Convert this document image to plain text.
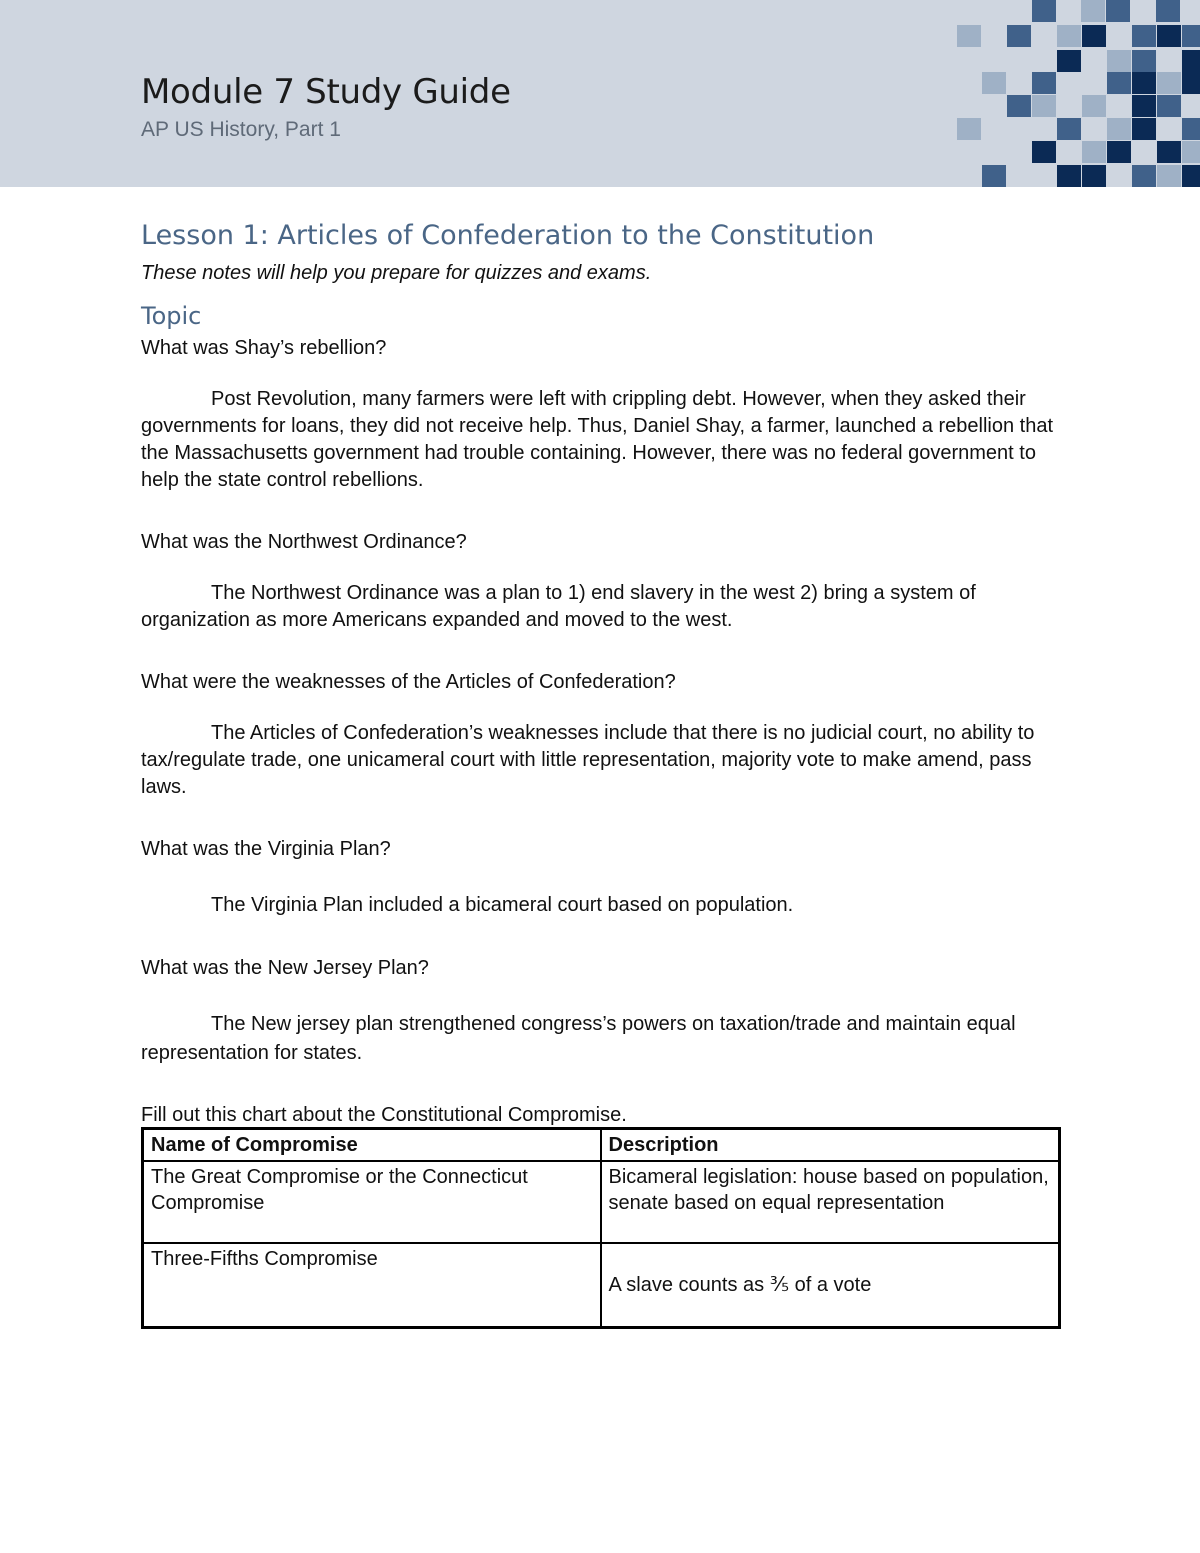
Module 7 Study Guide

AP US History, Part 1

Lesson 1: Articles of Confederation to the Constitution

These notes will help you prepare for quizzes and exams.

Topic

What was Shay’s rebellion?

Post Revolution, many farmers were left with crippling debt. However, when they asked their governments for loans, they did not receive help. Thus, Daniel Shay, a farmer, launched a rebellion that the Massachusetts government had trouble containing. However, there was no federal government to help the state control rebellions.

What was the Northwest Ordinance?

The Northwest Ordinance was a plan to 1) end slavery in the west 2) bring a system of organization as more Americans expanded and moved to the west.

What were the weaknesses of the Articles of Confederation?

The Articles of Confederation’s weaknesses include that there is no judicial court, no ability to tax/regulate trade, one unicameral court with little representation, majority vote to make amend, pass laws.

What was the Virginia Plan?

The Virginia Plan included a bicameral court based on population.

What was the New Jersey Plan?

The New jersey plan strengthened congress’s powers on taxation/trade and maintain equal representation for states.

Fill out this chart about the Constitutional Compromise.

Name of Compromise	Description
The Great Compromise or the Connecticut Compromise	Bicameral legislation: house based on population, senate based on equal representation
Three-Fifths Compromise	A slave counts as ⅗ of a vote
